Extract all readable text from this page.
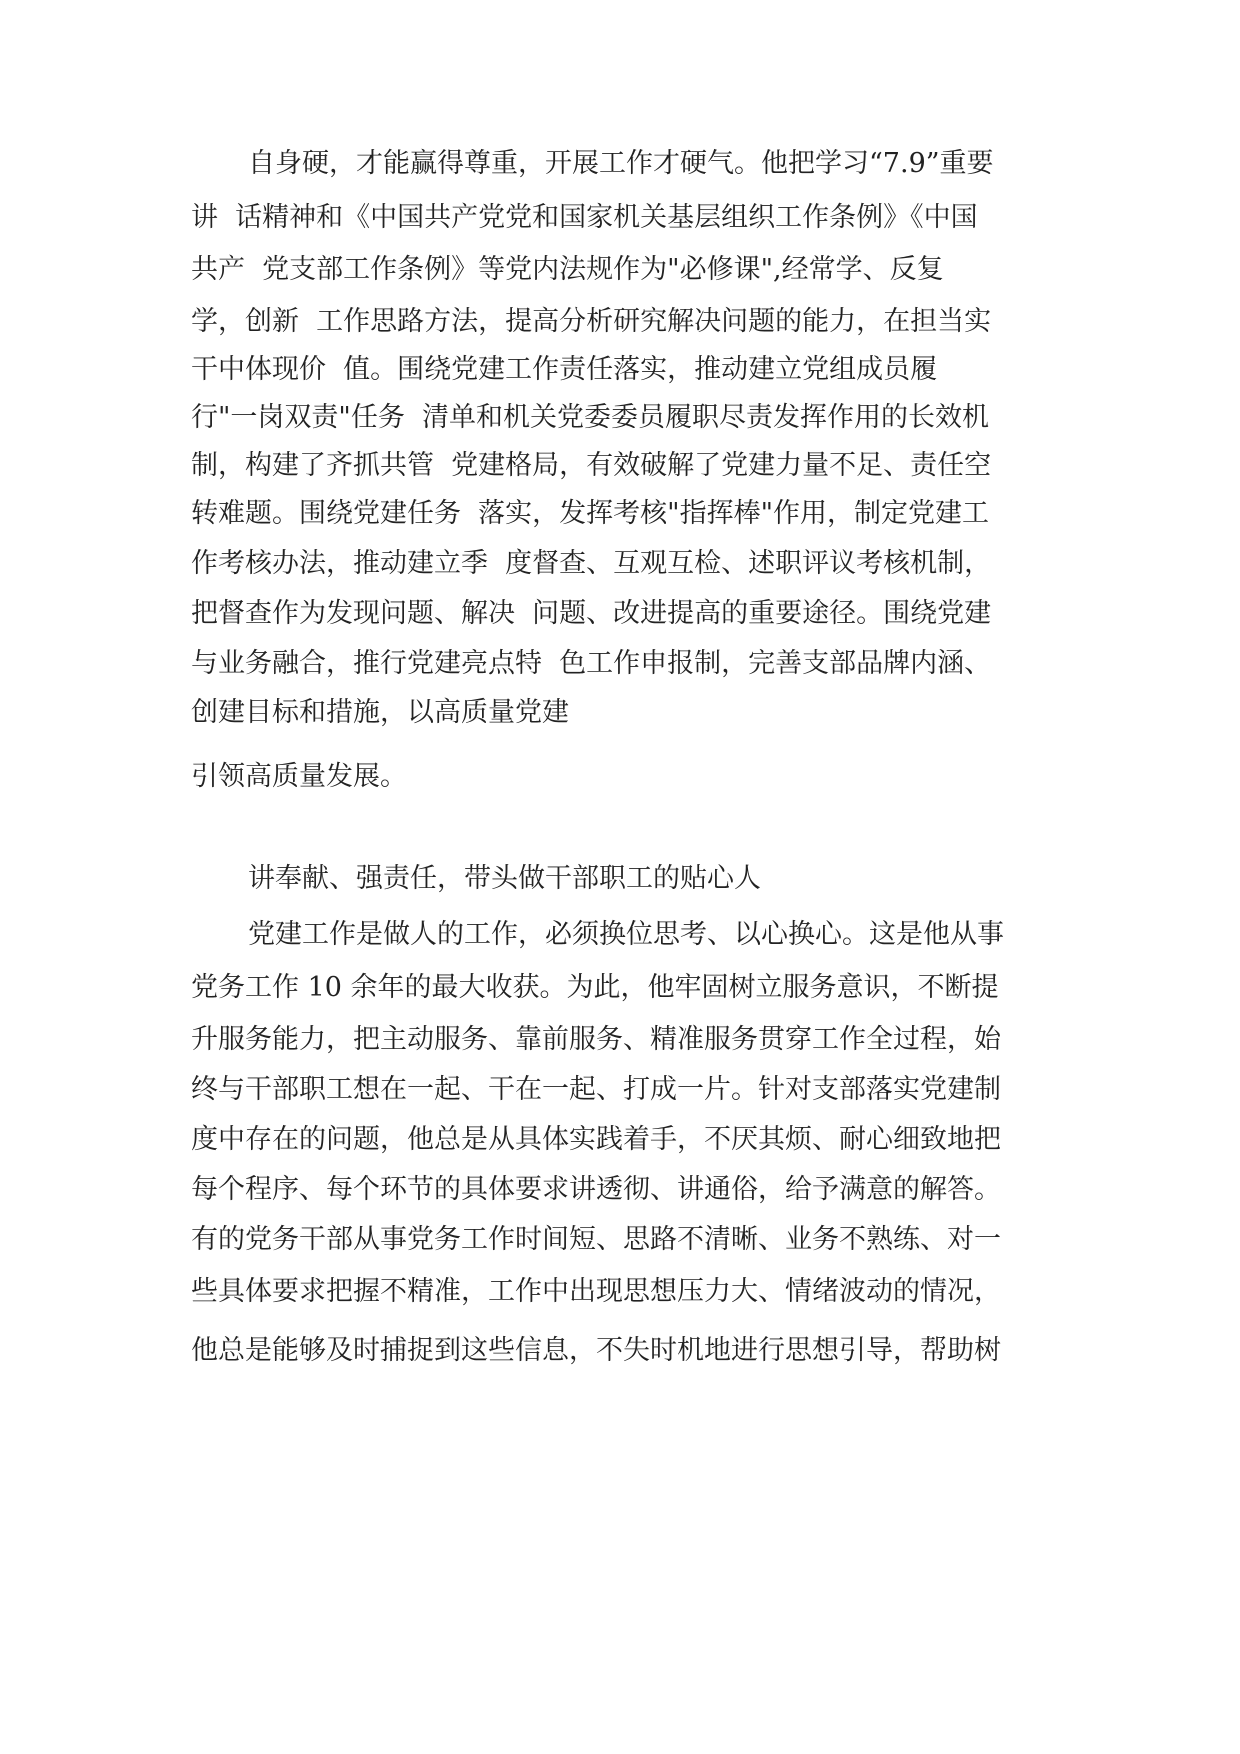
自身硬，才能赢得尊重，开展工作才硬气。他把学习“7.9”重要

讲  话精神和《中国共产党党和国家机关基层组织工作条例》《中国

共产  党支部工作条例》等党内法规作为"必修课",经常学、反复

学，创新  工作思路方法，提高分析研究解决问题的能力，在担当实

干中体现价  值。围绕党建工作责任落实，推动建立党组成员履

行"一岗双责"任务  清单和机关党委委员履职尽责发挥作用的长效机

制，构建了齐抓共管  党建格局，有效破解了党建力量不足、责任空

转难题。围绕党建任务  落实，发挥考核"指挥棒"作用，制定党建工

作考核办法，推动建立季  度督查、互观互检、述职评议考核机制，

把督查作为发现问题、解决  问题、改进提高的重要途径。围绕党建

与业务融合，推行党建亮点特  色工作申报制，完善支部品牌内涵、

创建目标和措施，以高质量党建

引领高质量发展。

讲奉献、强责任，带头做干部职工的贴心人

党建工作是做人的工作，必须换位思考、以心换心。这是他从事

党务工作 10 余年的最大收获。为此，他牢固树立服务意识，不断提

升服务能力，把主动服务、靠前服务、精准服务贯穿工作全过程，始

终与干部职工想在一起、干在一起、打成一片。针对支部落实党建制

度中存在的问题，他总是从具体实践着手，不厌其烦、耐心细致地把

每个程序、每个环节的具体要求讲透彻、讲通俗，给予满意的解答。

有的党务干部从事党务工作时间短、思路不清晰、业务不熟练、对一

些具体要求把握不精准，工作中出现思想压力大、情绪波动的情况，

他总是能够及时捕捉到这些信息，不失时机地进行思想引导，帮助树
